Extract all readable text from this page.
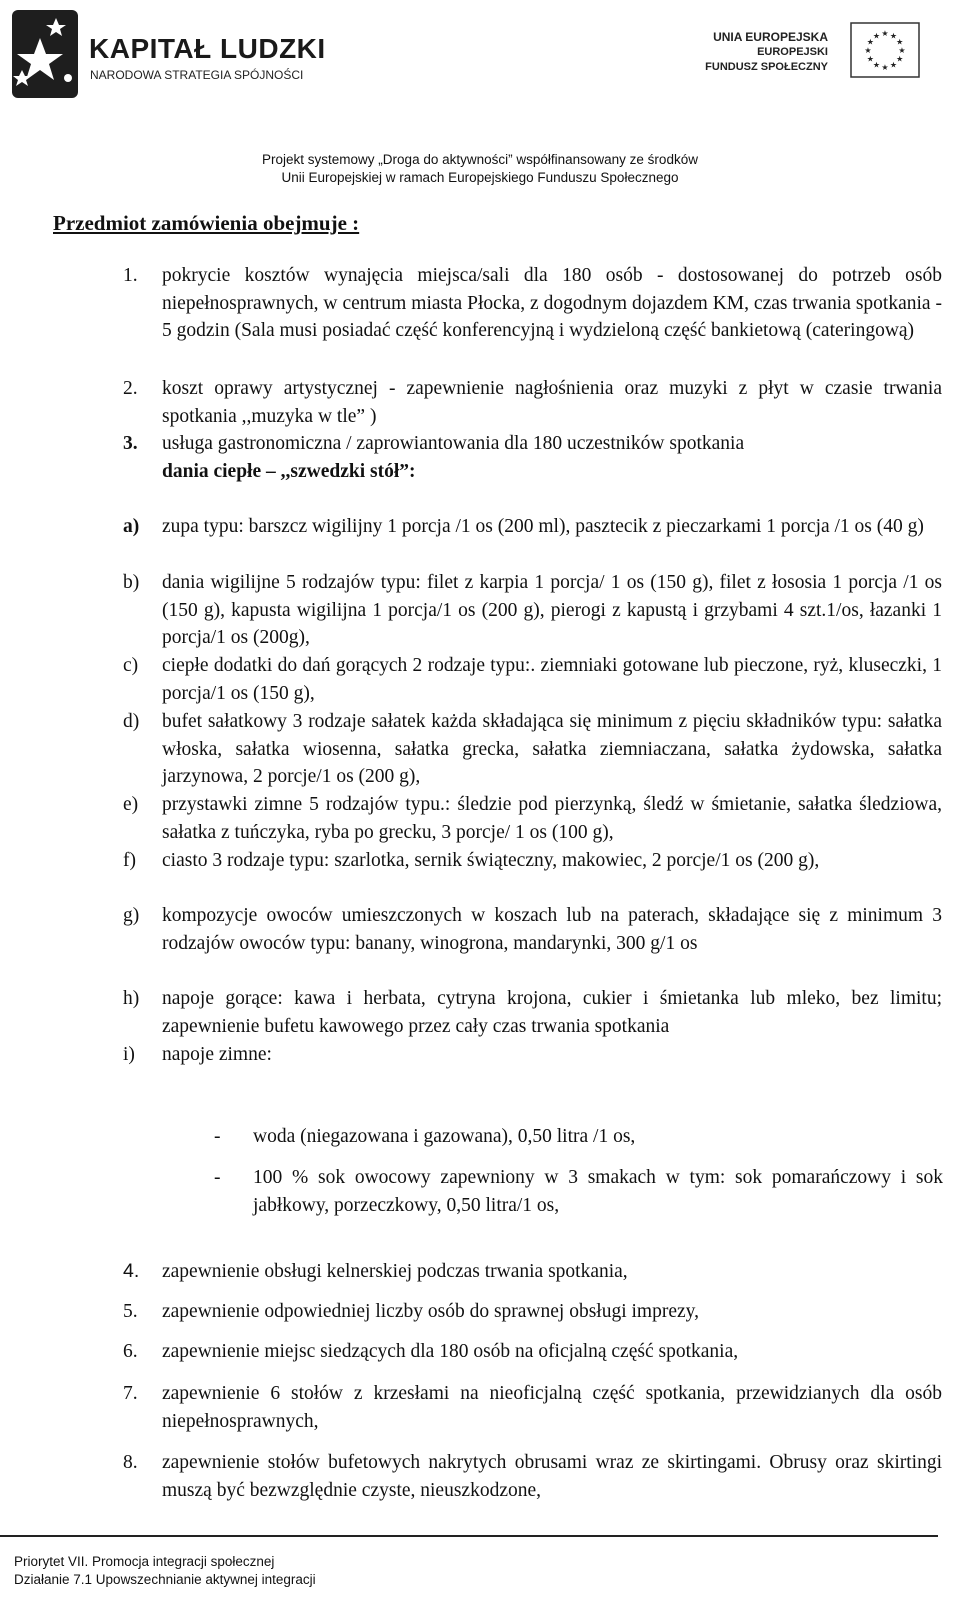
KAPITAŁ LUDZKI
NARODOWA STRATEGIA SPÓJNOŚCI
UNIA EUROPEJSKA
EUROPEJSKI
FUNDUSZ SPOŁECZNY
★ ★
★
★
★
★
★
★
★
★
★
★
Projekt systemowy „Droga do aktywności” współfinansowany ze środków
Unii Europejskiej w ramach Europejskiego Funduszu Społecznego
Przedmiot zamówienia obejmuje :
1. pokrycie kosztów wynajęcia miejsca/sali dla 180 osób - dostosowanej do potrzeb osób niepełnosprawnych, w centrum miasta Płocka, z dogodnym dojazdem KM, czas trwania spotkania - 5 godzin (Sala musi posiadać część konferencyjną i wydzieloną część bankietową (cateringową)
2. koszt oprawy artystycznej - zapewnienie nagłośnienia oraz muzyki z płyt w czasie trwania spotkania ,,muzyka w tle” )
3. usługa gastronomiczna / zaprowiantowania dla 180 uczestników spotkania
dania ciepłe – ,,szwedzki stół”:
a) zupa typu: barszcz wigilijny 1 porcja /1 os (200 ml), pasztecik z pieczarkami 1 porcja /1 os (40 g)
b) dania wigilijne 5 rodzajów typu: filet z karpia 1 porcja/ 1 os (150 g), filet z łososia 1 porcja /1 os (150 g), kapusta wigilijna 1 porcja/1 os (200 g), pierogi z kapustą i grzybami 4 szt.1/os, łazanki 1 porcja/1 os (200g),
c) ciepłe dodatki do dań gorących 2 rodzaje typu:. ziemniaki gotowane lub pieczone, ryż, kluseczki, 1 porcja/1 os (150 g),
d) bufet sałatkowy 3 rodzaje sałatek każda składająca się minimum z pięciu składników typu: sałatka włoska, sałatka wiosenna, sałatka grecka, sałatka ziemniaczana, sałatka żydowska, sałatka jarzynowa, 2 porcje/1 os (200 g),
e) przystawki zimne 5 rodzajów typu.: śledzie pod pierzynką, śledź w śmietanie, sałatka śledziowa, sałatka z tuńczyka, ryba po grecku, 3 porcje/ 1 os (100 g),
f) ciasto 3 rodzaje typu: szarlotka, sernik świąteczny, makowiec, 2 porcje/1 os (200 g),
g) kompozycje owoców umieszczonych w koszach lub na paterach, składające się z minimum 3 rodzajów owoców typu: banany, winogrona, mandarynki, 300 g/1 os
h) napoje gorące: kawa i herbata, cytryna krojona, cukier i śmietanka lub mleko, bez limitu; zapewnienie bufetu kawowego przez cały czas trwania spotkania
i) napoje zimne:
- woda (niegazowana i gazowana), 0,50 litra /1 os,
- 100 % sok owocowy zapewniony w 3 smakach w tym: sok pomarańczowy i sok jabłkowy, porzeczkowy, 0,50 litra/1 os,
4. zapewnienie obsługi kelnerskiej podczas trwania spotkania,
5. zapewnienie odpowiedniej liczby osób do sprawnej obsługi imprezy,
6. zapewnienie miejsc siedzących dla 180 osób na oficjalną część spotkania,
7. zapewnienie 6 stołów z krzesłami na nieoficjalną część spotkania, przewidzianych dla osób niepełnosprawnych,
8. zapewnienie stołów bufetowych nakrytych obrusami wraz ze skirtingami. Obrusy oraz skirtingi muszą być bezwzględnie czyste, nieuszkodzone,
Priorytet VII. Promocja integracji społecznej
Działanie 7.1 Upowszechnianie aktywnej integracji
